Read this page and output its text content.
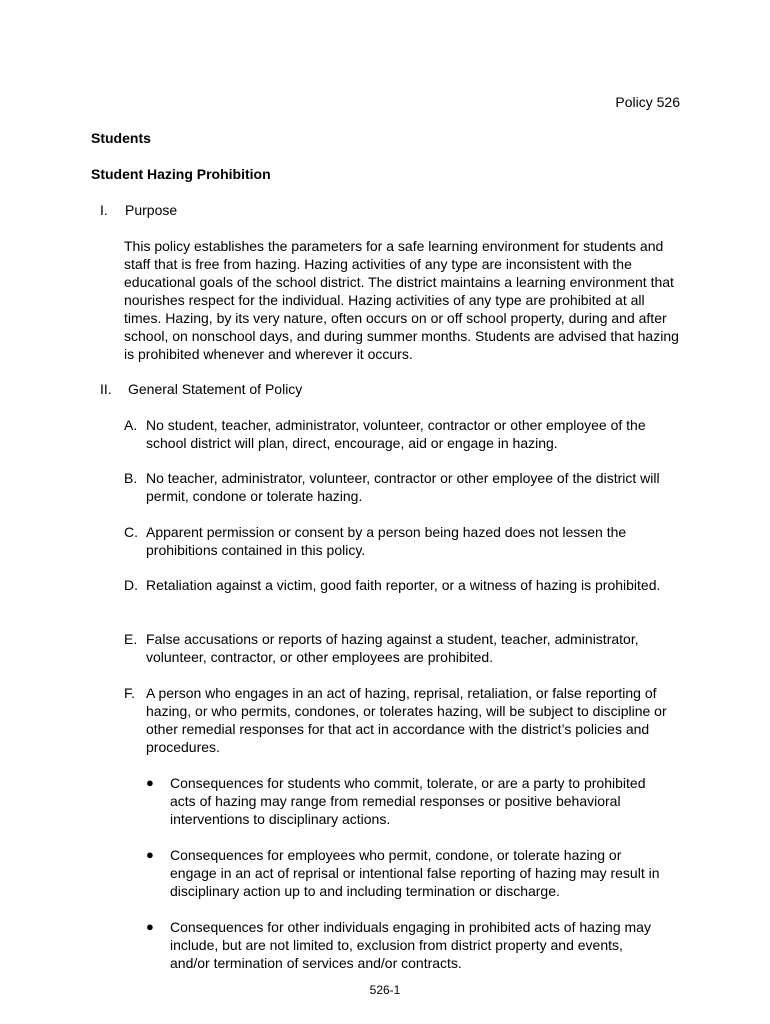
Policy 526
Students
Student Hazing Prohibition
I. Purpose
This policy establishes the parameters for a safe learning environment for students and staff that is free from hazing. Hazing activities of any type are inconsistent with the educational goals of the school district. The district maintains a learning environment that nourishes respect for the individual. Hazing activities of any type are prohibited at all times. Hazing, by its very nature, often occurs on or off school property, during and after school, on nonschool days, and during summer months. Students are advised that hazing is prohibited whenever and wherever it occurs.
II. General Statement of Policy
A. No student, teacher, administrator, volunteer, contractor or other employee of the school district will plan, direct, encourage, aid or engage in hazing.
B. No teacher, administrator, volunteer, contractor or other employee of the district will permit, condone or tolerate hazing.
C. Apparent permission or consent by a person being hazed does not lessen the prohibitions contained in this policy.
D. Retaliation against a victim, good faith reporter, or a witness of hazing is prohibited.
E. False accusations or reports of hazing against a student, teacher, administrator, volunteer, contractor, or other employees are prohibited.
F. A person who engages in an act of hazing, reprisal, retaliation, or false reporting of hazing, or who permits, condones, or tolerates hazing, will be subject to discipline or other remedial responses for that act in accordance with the district’s policies and procedures.
●	Consequences for students who commit, tolerate, or are a party to prohibited acts of hazing may range from remedial responses or positive behavioral interventions to disciplinary actions.
●	Consequences for employees who permit, condone, or tolerate hazing or engage in an act of reprisal or intentional false reporting of hazing may result in disciplinary action up to and including termination or discharge.
●	Consequences for other individuals engaging in prohibited acts of hazing may include, but are not limited to, exclusion from district property and events, and/or termination of services and/or contracts.
526-1
